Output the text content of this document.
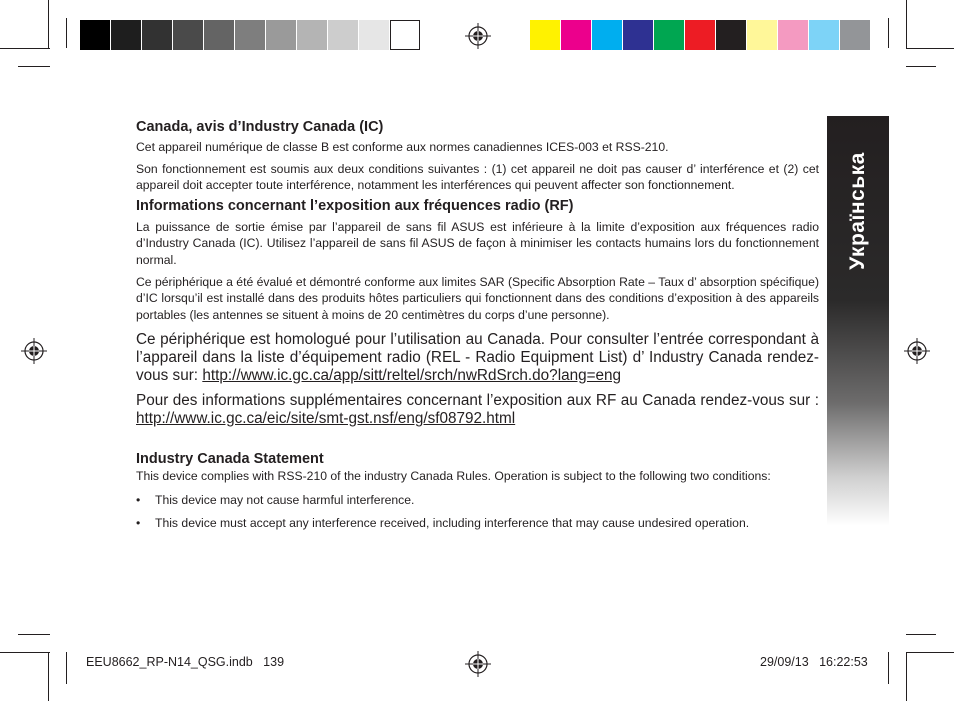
Українська
Canada, avis d’Industry Canada (IC)

Cet appareil numérique de classe B est conforme aux normes canadiennes ICES-003 et RSS-210.

Son fonctionnement est soumis aux deux conditions suivantes : (1) cet appareil ne doit pas causer d’ interférence et (2) cet appareil doit accepter toute interférence, notamment les interférences qui peuvent affecter son fonctionnement.

Informations concernant l’exposition aux fréquences radio (RF)

La puissance de sortie émise par l’appareil de sans fil ASUS est inférieure à la limite d’exposition aux fréquences radio d’Industry Canada (IC). Utilisez l’appareil de sans fil ASUS de façon à minimiser les contacts humains lors du fonctionnement normal.

Ce périphérique a été évalué et démontré conforme aux limites SAR (Specific Absorption Rate – Taux d’ absorption spécifique) d’IC lorsqu’il est installé dans des produits hôtes particuliers qui fonctionnent dans des conditions d’exposition à des appareils portables (les antennes se situent à moins de 20 centimètres du corps d’une personne).

Ce périphérique est homologué pour l’utilisation au Canada. Pour consulter l’entrée correspondant à l’appareil dans la liste d’équipement radio (REL - Radio Equipment List) d’ Industry Canada rendez-vous sur: http://www.ic.gc.ca/app/sitt/reltel/srch/nwRdSrch.do?lang=eng

Pour des informations supplémentaires concernant l’exposition aux RF au Canada rendez-vous sur : http://www.ic.gc.ca/eic/site/smt-gst.nsf/eng/sf08792.html

Industry Canada Statement

This device complies with RSS-210 of the industry Canada Rules. Operation is subject to the following two conditions:

• This device may not cause harmful interference.
• This device must accept any interference received, including interference that may cause undesired operation.
EEU8662_RP-N14_QSG.indb   139	29/09/13   16:22:53
